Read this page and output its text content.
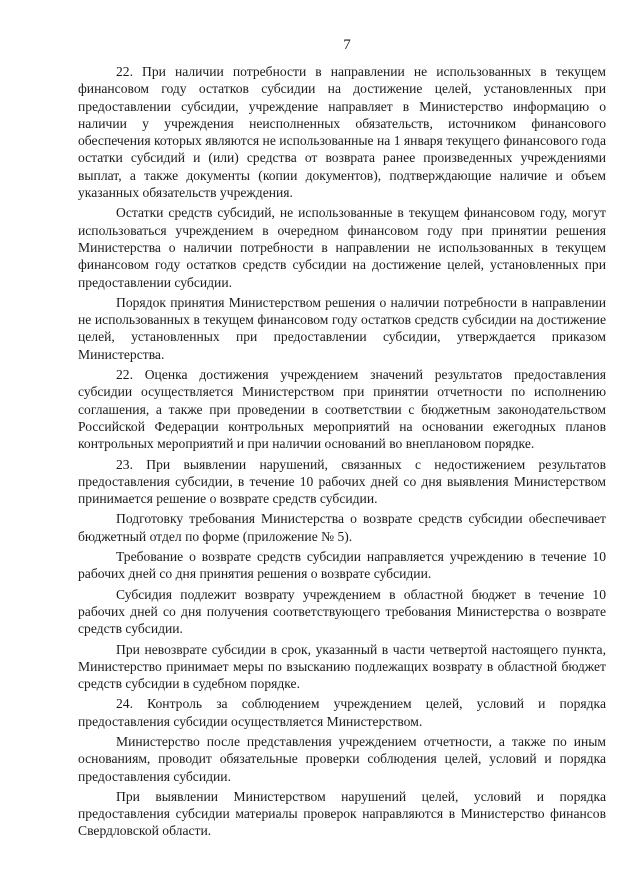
7

22. При наличии потребности в направлении не использованных в текущем финансовом году остатков субсидии на достижение целей, установленных при предоставлении субсидии, учреждение направляет в Министерство информацию о наличии у учреждения неисполненных обязательств, источником финансового обеспечения которых являются не использованные на 1 января текущего финансового года остатки субсидий и (или) средства от возврата ранее произведенных учреждениями выплат, а также документы (копии документов), подтверждающие наличие и объем указанных обязательств учреждения.

Остатки средств субсидий, не использованные в текущем финансовом году, могут использоваться учреждением в очередном финансовом году при принятии решения Министерства о наличии потребности в направлении не использованных в текущем финансовом году остатков средств субсидии на достижение целей, установленных при предоставлении субсидии.

Порядок принятия Министерством решения о наличии потребности в направлении не использованных в текущем финансовом году остатков средств субсидии на достижение целей, установленных при предоставлении субсидии, утверждается приказом Министерства.

22. Оценка достижения учреждением значений результатов предоставления субсидии осуществляется Министерством при принятии отчетности по исполнению соглашения, а также при проведении в соответствии с бюджетным законодательством Российской Федерации контрольных мероприятий на основании ежегодных планов контрольных мероприятий и при наличии оснований во внеплановом порядке.

23. При выявлении нарушений, связанных с недостижением результатов предоставления субсидии, в течение 10 рабочих дней со дня выявления Министерством принимается решение о возврате средств субсидии.

Подготовку требования Министерства о возврате средств субсидии обеспечивает бюджетный отдел по форме (приложение № 5).

Требование о возврате средств субсидии направляется учреждению в течение 10 рабочих дней со дня принятия решения о возврате субсидии.

Субсидия подлежит возврату учреждением в областной бюджет в течение 10 рабочих дней со дня получения соответствующего требования Министерства о возврате средств субсидии.

При невозврате субсидии в срок, указанный в части четвертой настоящего пункта, Министерство принимает меры по взысканию подлежащих возврату в областной бюджет средств субсидии в судебном порядке.

24. Контроль за соблюдением учреждением целей, условий и порядка предоставления субсидии осуществляется Министерством.

Министерство после представления учреждением отчетности, а также по иным основаниям, проводит обязательные проверки соблюдения целей, условий и порядка предоставления субсидии.

При выявлении Министерством нарушений целей, условий и порядка предоставления субсидии материалы проверок направляются в Министерство финансов Свердловской области.
